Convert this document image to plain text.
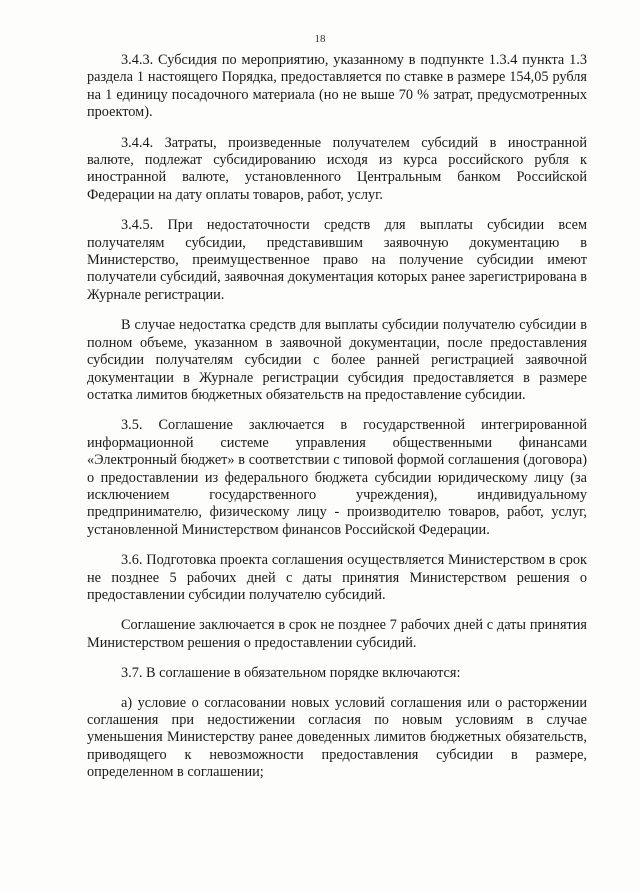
18

3.4.3. Субсидия по мероприятию, указанному в подпункте 1.3.4 пункта 1.3 раздела 1 настоящего Порядка, предоставляется по ставке в размере 154,05 рубля на 1 единицу посадочного материала (но не выше 70 % затрат, предусмотренных проектом).

3.4.4. Затраты, произведенные получателем субсидий в иностранной валюте, подлежат субсидированию исходя из курса российского рубля к иностранной валюте, установленного Центральным банком Российской Федерации на дату оплаты товаров, работ, услуг.

3.4.5. При недостаточности средств для выплаты субсидии всем получателям субсидии, представившим заявочную документацию в Министерство, преимущественное право на получение субсидии имеют получатели субсидий, заявочная документация которых ранее зарегистрирована в Журнале регистрации.

В случае недостатка средств для выплаты субсидии получателю субсидии в полном объеме, указанном в заявочной документации, после предоставления субсидии получателям субсидии с более ранней регистрацией заявочной документации в Журнале регистрации субсидия предоставляется в размере остатка лимитов бюджетных обязательств на предоставление субсидии.

3.5. Соглашение заключается в государственной интегрированной информационной системе управления общественными финансами «Электронный бюджет» в соответствии с типовой формой соглашения (договора) о предоставлении из федерального бюджета субсидии юридическому лицу (за исключением государственного учреждения), индивидуальному предпринимателю, физическому лицу - производителю товаров, работ, услуг, установленной Министерством финансов Российской Федерации.

3.6. Подготовка проекта соглашения осуществляется Министерством в срок не позднее 5 рабочих дней с даты принятия Министерством решения о предоставлении субсидии получателю субсидий.

Соглашение заключается в срок не позднее 7 рабочих дней с даты принятия Министерством решения о предоставлении субсидий.

3.7. В соглашение в обязательном порядке включаются:

а) условие о согласовании новых условий соглашения или о расторжении соглашения при недостижении согласия по новым условиям в случае уменьшения Министерству ранее доведенных лимитов бюджетных обязательств, приводящего к невозможности предоставления субсидии в размере, определенном в соглашении;
